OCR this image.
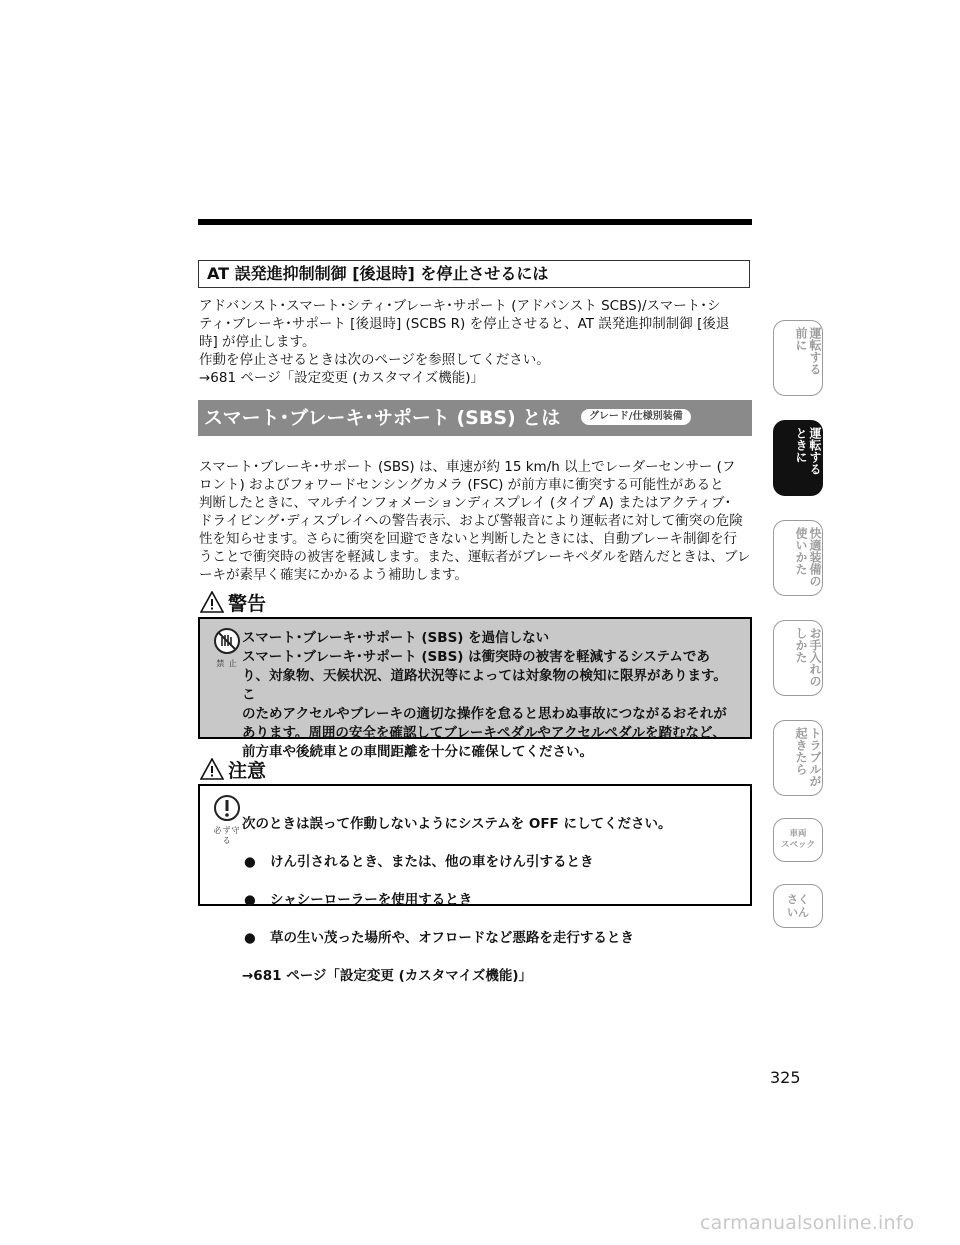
AT 誤発進抑制制御 [後退時] を停止させるには
アドバンスト･スマート･シティ･ブレーキ･サポート (アドバンスト SCBS)/スマート･シ
ティ･ブレーキ･サポート [後退時] (SCBS R) を停止させると、AT 誤発進抑制制御 [後退
時] が停止します。
作動を停止させるときは次のページを参照してください。
→681 ページ「設定変更 (カスタマイズ機能)」
スマート･ブレーキ･サポート (SBS) とは	グレード/仕様別装備
スマート･ブレーキ･サポート (SBS) は、車速が約 15 km/h 以上でレーダーセンサー (フ
ロント) およびフォワードセンシングカメラ (FSC) が前方車に衝突する可能性があると
判断したときに、マルチインフォメーションディスプレイ (タイプ A) またはアクティブ･
ドライビング･ディスプレイへの警告表示、および警報音により運転者に対して衝突の危険
性を知らせます。さらに衝突を回避できないと判断したときには、自動ブレーキ制御を行
うことで衝突時の被害を軽減します。また、運転者がブレーキペダルを踏んだときは、ブレ
ーキが素早く確実にかかるよう補助します。
警告
禁 止
スマート･ブレーキ･サポート (SBS) を過信しない
スマート･ブレーキ･サポート (SBS) は衝突時の被害を軽減するシステムであ
り、対象物、天候状況、道路状況等によっては対象物の検知に限界があります。こ
のためアクセルやブレーキの適切な操作を怠ると思わぬ事故につながるおそれが
あります。周囲の安全を確認してブレーキペダルやアクセルペダルを踏むなど、
前方車や後続車との車間距離を十分に確保してください。
注意
必ず守る

次のときは誤って作動しないようにシステムを OFF にしてください。

● けん引されるとき、または、他の車をけん引するとき

● シャシーローラーを使用するとき

● 草の生い茂った場所や、オフロードなど悪路を走行するとき

→681 ページ「設定変更 (カスタマイズ機能)」

運転する
前に
運転する
ときに
快適装備の
使いかた
お手入れの
しかた
トラブルが
起きたら
車両
スペック
さく
いん
325
carmanualsonline.info
